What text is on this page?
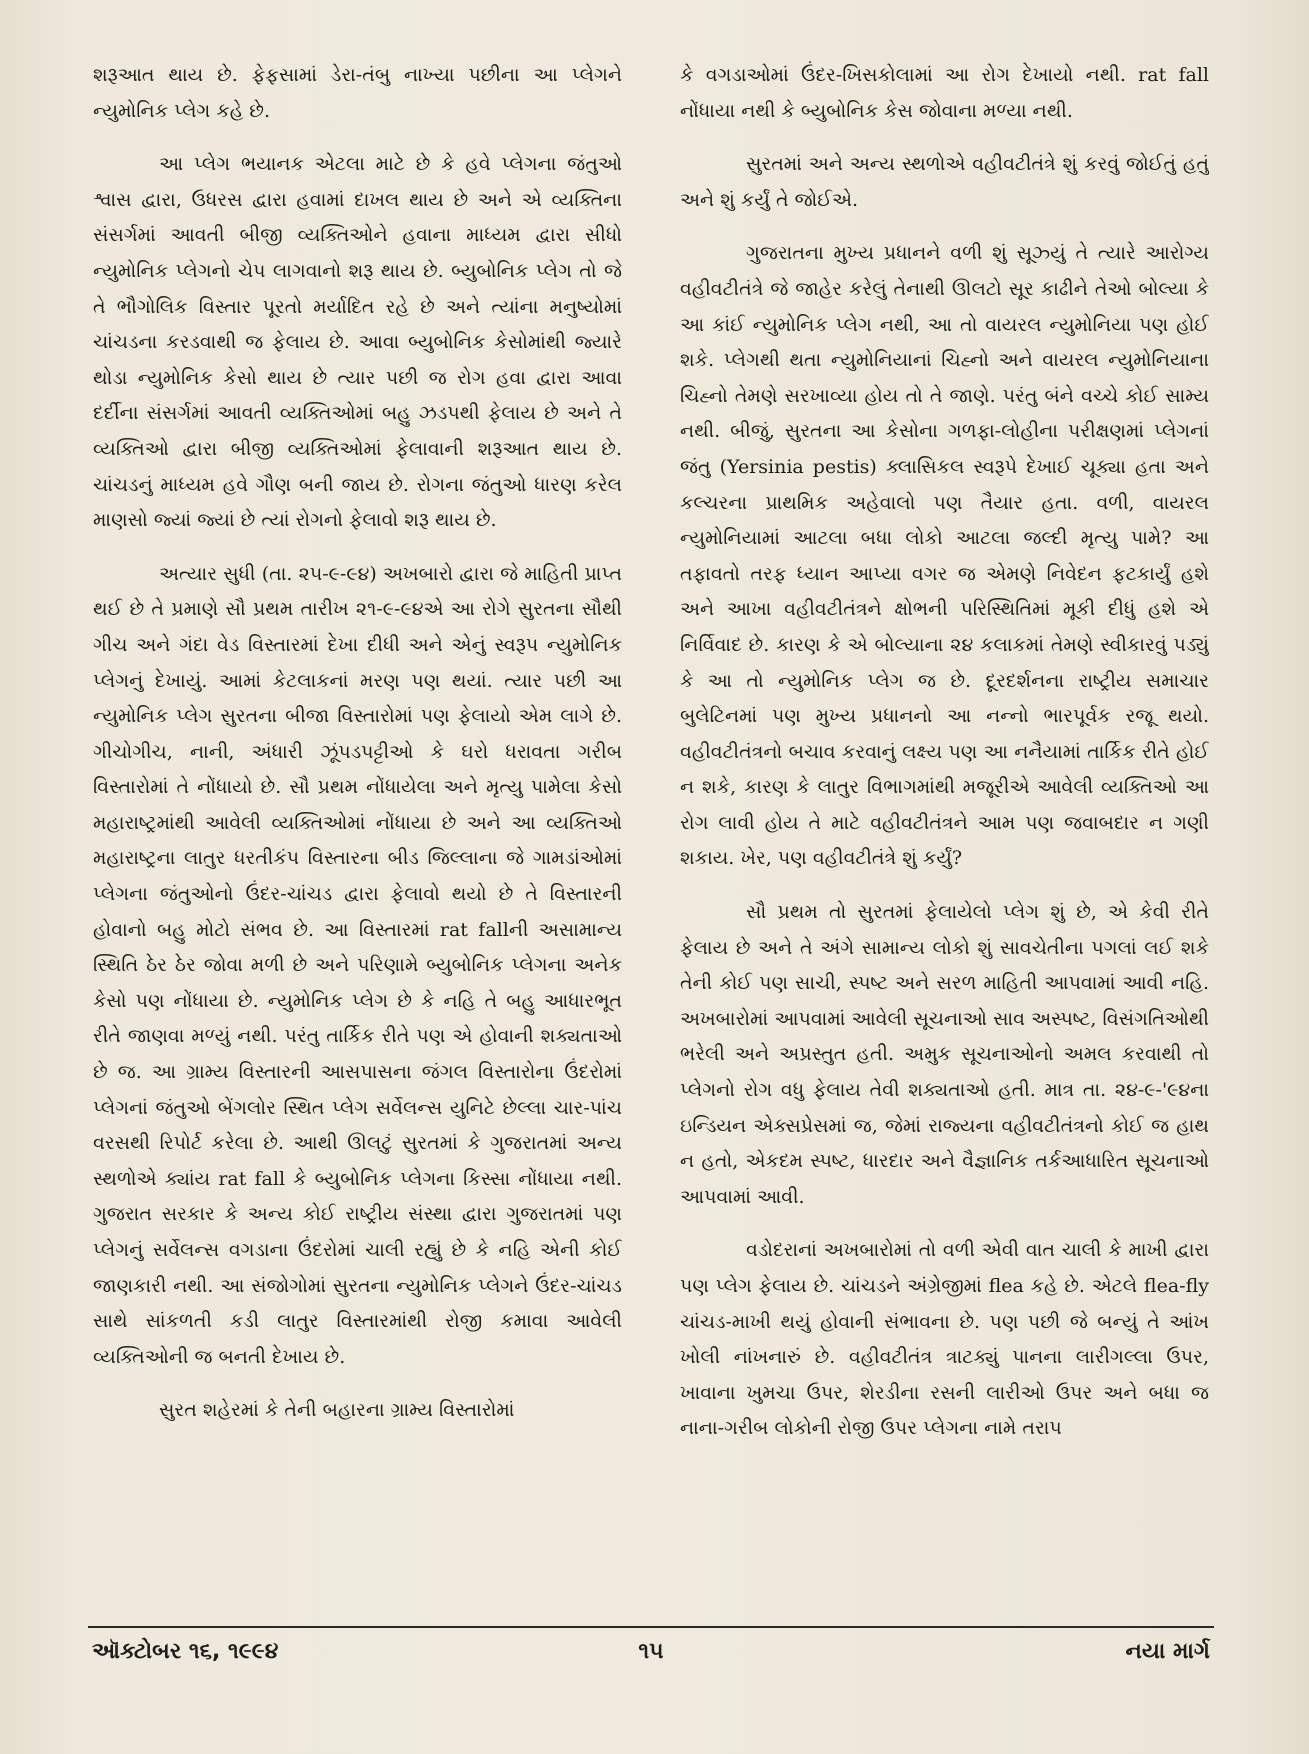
શરૂઆત થાય છે. ફેફસામાં ડેરા-તંબુ નાખ્યા પછીના આ પ્લેગને ન્યુમોનિક પ્લેગ કહે છે.

આ પ્લેગ ભયાનક એટલા માટે છે કે હવે પ્લેગના જંતુઓ શ્વાસ દ્વારા, ઉધરસ દ્વારા હવામાં દાખલ થાય છે અને એ વ્યક્તિના સંસર્ગમાં આવતી બીજી વ્યક્તિઓને હવાના માધ્યમ દ્વારા સીધો ન્યુમોનિક પ્લેગનો ચેપ લાગવાનો શરૂ થાય છે. બ્યુબોનિક પ્લેગ તો જે તે ભૌગોલિક વિસ્તાર પૂરતો મર્યાદિત રહે છે અને ત્યાંના મનુષ્યોમાં ચાંચડના કરડવાથી જ ફેલાય છે. આવા બ્યુબોનિક કેસોમાંથી જ્યારે થોડા ન્યુમોનિક કેસો થાય છે ત્યાર પછી જ રોગ હવા દ્વારા આવા દર્દીના સંસર્ગમાં આવતી વ્યક્તિઓમાં બહુ ઝડપથી ફેલાય છે અને તે વ્યક્તિઓ દ્વારા બીજી વ્યક્તિઓમાં ફેલાવાની શરૂઆત થાય છે. ચાંચડનું માધ્યમ હવે ગૌણ બની જાય છે. રોગના જંતુઓ ધારણ કરેલ માણસો જ્યાં જ્યાં છે ત્યાં રોગનો ફેલાવો શરૂ થાય છે.

અત્યાર સુધી (તા. ૨૫-૯-૯૪) અખબારો દ્વારા જે માહિતી પ્રાપ્ત થઈ છે તે પ્રમાણે સૌ પ્રથમ તારીખ ૨૧-૯-૯૪એ આ રોગે સુરતના સૌથી ગીચ અને ગંદા વેડ વિસ્તારમાં દેખા દીધી અને એનું સ્વરૂપ ન્યુમોનિક પ્લેગનું દેખાયું. આમાં કેટલાકનાં મરણ પણ થયાં. ત્યાર પછી આ ન્યુમોનિક પ્લેગ સુરતના બીજા વિસ્તારોમાં પણ ફેલાયો એમ લાગે છે. ગીચોગીચ, નાની, અંધારી ઝૂંપડપટ્ટીઓ કે ઘરો ધરાવતા ગરીબ વિસ્તારોમાં તે નોંધાયો છે. સૌ પ્રથમ નોંધાયેલા અને મૃત્યુ પામેલા કેસો મહારાષ્ટ્રમાંથી આવેલી વ્યક્તિઓમાં નોંધાયા છે અને આ વ્યક્તિઓ મહારાષ્ટ્રના લાતુર ધરતીકંપ વિસ્તારના બીડ જિલ્લાના જે ગામડાંઓમાં પ્લેગના જંતુઓનો ઉંદર-ચાંચડ દ્વારા ફેલાવો થયો છે તે વિસ્તારની હોવાનો બહુ મોટો સંભવ છે. આ વિસ્તારમાં rat fallની અસામાન્ય સ્થિતિ ઠેર ઠેર જોવા મળી છે અને પરિણામે બ્યુબોનિક પ્લેગના અનેક કેસો પણ નોંધાયા છે. ન્યુમોનિક પ્લેગ છે કે નહિ તે બહુ આધારભૂત રીતે જાણવા મળ્યું નથી. પરંતુ તાર્કિક રીતે પણ એ હોવાની શક્યતાઓ છે જ. આ ગ્રામ્ય વિસ્તારની આસપાસના જંગલ વિસ્તારોના ઉંદરોમાં પ્લેગનાં જંતુઓ બેંગલોર સ્થિત પ્લેગ સર્વેલન્સ યુનિટે છેલ્લા ચાર-પાંચ વરસથી રિપોર્ટ કરેલા છે. આથી ઊલટું સુરતમાં કે ગુજરાતમાં અન્ય સ્થળોએ ક્યાંય rat fall કે બ્યુબોનિક પ્લેગના કિસ્સા નોંધાયા નથી. ગુજરાત સરકાર કે અન્ય કોઈ રાષ્ટ્રીય સંસ્થા દ્વારા ગુજરાતમાં પણ પ્લેગનું સર્વેલન્સ વગડાના ઉંદરોમાં ચાલી રહ્યું છે કે નહિ એની કોઈ જાણકારી નથી. આ સંજોગોમાં સુરતના ન્યુમોનિક પ્લેગને ઉંદર-ચાંચડ સાથે સાંકળતી કડી લાતુર વિસ્તારમાંથી રોજી કમાવા આવેલી વ્યક્તિઓની જ બનતી દેખાય છે.

સુરત શહેરમાં કે તેની બહારના ગ્રામ્ય વિસ્તારોમાં

કે વગડાઓમાં ઉંદર-ખિસકોલામાં આ રોગ દેખાયો નથી. rat fall નોંધાયા નથી કે બ્યુબોનિક કેસ જોવાના મળ્યા નથી.

સુરતમાં અને અન્ય સ્થળોએ વહીવટીતંત્રે શું કરવું જોઈતું હતું અને શું કર્યું તે જોઈએ.

ગુજરાતના મુખ્ય પ્રધાનને વળી શું સૂઝ્યું તે ત્યારે આરોગ્ય વહીવટીતંત્રે જે જાહેર કરેલું તેનાથી ઊલટો સૂર કાઢીને તેઓ બોલ્યા કે આ કાંઈ ન્યુમોનિક પ્લેગ નથી, આ તો વાયરલ ન્યુમોનિયા પણ હોઈ શકે. પ્લેગથી થતા ન્યુમોનિયાનાં ચિહ્નો અને વાયરલ ન્યુમોનિયાના ચિહ્નો તેમણે સરખાવ્યા હોય તો તે જાણે. પરંતુ બંને વચ્ચે કોઈ સામ્ય નથી. બીજું, સુરતના આ કેસોના ગળફા-લોહીના પરીક્ષણમાં પ્લેગનાં જંતુ (Yersinia pestis) ક્લાસિકલ સ્વરૂપે દેખાઈ ચૂક્યા હતા અને કલ્ચરના પ્રાથમિક અહેવાલો પણ તૈયાર હતા. વળી, વાયરલ ન્યુમોનિયામાં આટલા બધા લોકો આટલા જલ્દી મૃત્યુ પામે? આ તફાવતો તરફ ધ્યાન આપ્યા વગર જ એમણે નિવેદન ફટકાર્યું હશે અને આખા વહીવટીતંત્રને ક્ષોભની પરિસ્થિતિમાં મૂકી દીધું હશે એ નિર્વિવાદ છે. કારણ કે એ બોલ્યાના ૨૪ કલાકમાં તેમણે સ્વીકારવું પડ્યું કે આ તો ન્યુમોનિક પ્લેગ જ છે. દૂરદર્શનના રાષ્ટ્રીય સમાચાર બુલેટિનમાં પણ મુખ્ય પ્રધાનનો આ નન્નો ભારપૂર્વક રજૂ થયો. વહીવટીતંત્રનો બચાવ કરવાનું લક્ષ્ય પણ આ નનૈયામાં તાર્કિક રીતે હોઈ ન શકે, કારણ કે લાતુર વિભાગમાંથી મજૂરીએ આવેલી વ્યક્તિઓ આ રોગ લાવી હોય તે માટે વહીવટીતંત્રને આમ પણ જવાબદાર ન ગણી શકાય. ખેર, પણ વહીવટીતંત્રે શું કર્યું?

સૌ પ્રથમ તો સુરતમાં ફેલાયેલો પ્લેગ શું છે, એ કેવી રીતે ફેલાય છે અને તે અંગે સામાન્ય લોકો શું સાવચેતીના પગલાં લઈ શકે તેની કોઈ પણ સાચી, સ્પષ્ટ અને સરળ માહિતી આપવામાં આવી નહિ. અખબારોમાં આપવામાં આવેલી સૂચનાઓ સાવ અસ્પષ્ટ, વિસંગતિઓથી ભરેલી અને અપ્રસ્તુત હતી. અમુક સૂચનાઓનો અમલ કરવાથી તો પ્લેગનો રોગ વધુ ફેલાય તેવી શક્યતાઓ હતી. માત્ર તા. ૨૪-૯-'૯૪ના ઇન્ડિયન એક્સપ્રેસમાં જ, જેમાં રાજ્યના વહીવટીતંત્રનો કોઈ જ હાથ ન હતો, એકદમ સ્પષ્ટ, ધારદાર અને વૈજ્ઞાનિક તર્કઆધારિત સૂચનાઓ આપવામાં આવી.

વડોદરાનાં અખબારોમાં તો વળી એવી વાત ચાલી કે માખી દ્વારા પણ પ્લેગ ફેલાય છે. ચાંચડને અંગ્રેજીમાં flea કહે છે. એટલે flea-fly ચાંચડ-માખી થયું હોવાની સંભાવના છે. પણ પછી જે બન્યું તે આંખ ખોલી નાંખનારું છે. વહીવટીતંત્ર ત્રાટક્યું પાનના લારીગલ્લા ઉપર, ખાવાના ખુમચા ઉપર, શેરડીના રસની લારીઓ ઉપર અને બધા જ નાના-ગરીબ લોકોની રોજી ઉપર પ્લેગના નામે તરાપ

ઑક્ટોબર ૧૬, ૧૯૯૪	૧૫	નયા માર્ગ
